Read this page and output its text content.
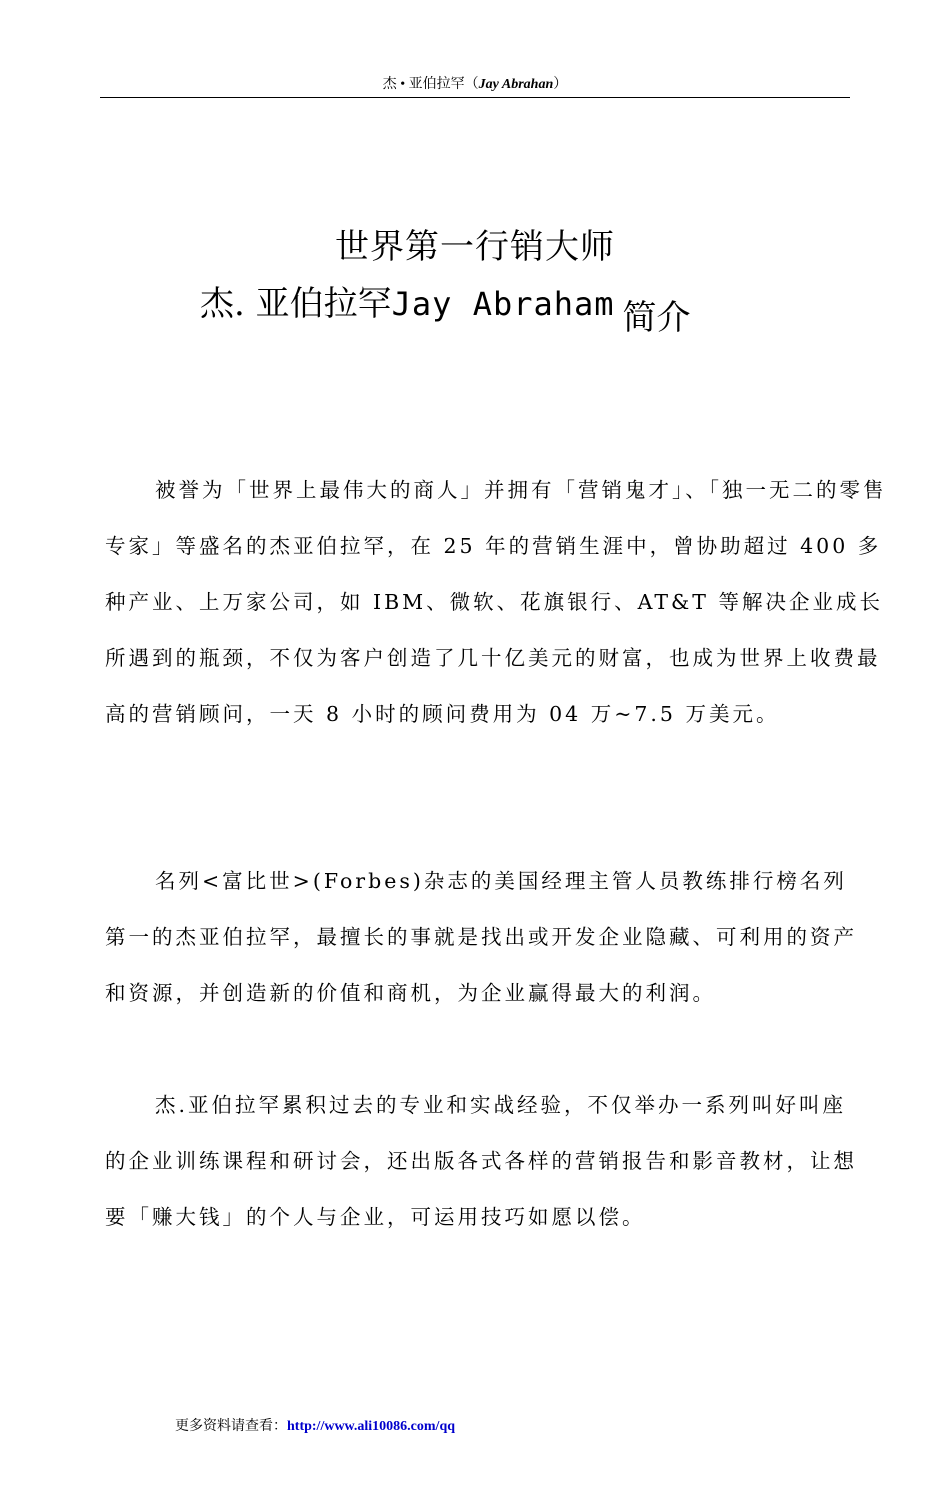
杰 • 亚伯拉罕（Jay Abrahan）
世界第一行销大师
杰. 亚伯拉罕Jay Abraham 简介

被誉为「世界上最伟大的商人」并拥有「营销鬼才」、「独一无二的零售专家」等盛名的杰亚伯拉罕，在 25 年的营销生涯中，曾协助超过 400 多种产业、上万家公司，如 IBM、微软、花旗银行、AT&T 等解决企业成长所遇到的瓶颈，不仅为客户创造了几十亿美元的财富，也成为世界上收费最高的营销顾问，一天 8 小时的顾问费用为 04 万~7.5 万美元。

名列<富比世>(Forbes)杂志的美国经理主管人员教练排行榜名列第一的杰亚伯拉罕，最擅长的事就是找出或开发企业隐藏、可利用的资产和资源，并创造新的价值和商机，为企业赢得最大的利润。

杰.亚伯拉罕累积过去的专业和实战经验，不仅举办一系列叫好叫座的企业训练课程和研讨会，还出版各式各样的营销报告和影音教材，让想要「赚大钱」的个人与企业，可运用技巧如愿以偿。

更多资料请查看：http://www.ali10086.com/qq
